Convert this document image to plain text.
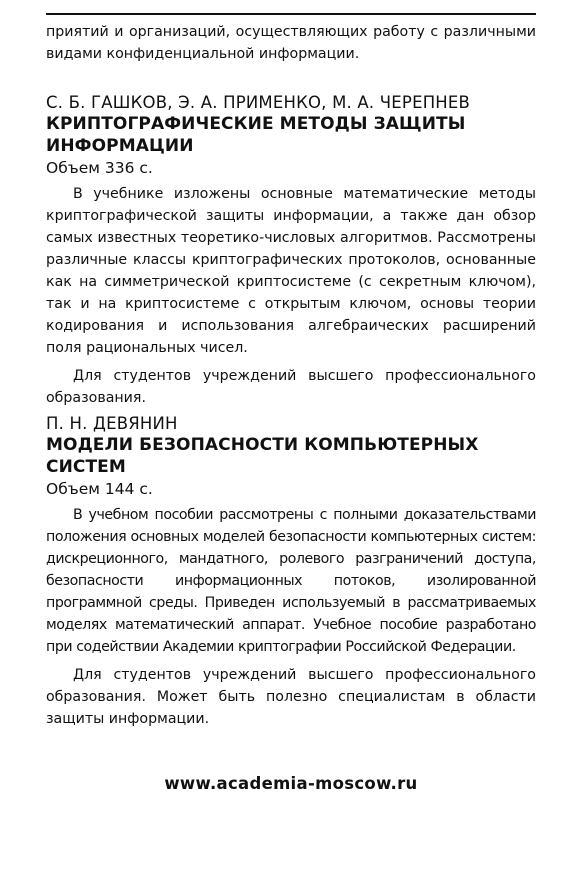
приятий и организаций, осуществляющих работу с различными видами конфиденциальной информации.
С. Б. ГАШКОВ, Э. А. ПРИМЕНКО, М. А. ЧЕРЕПНЕВ
КРИПТОГРАФИЧЕСКИЕ МЕТОДЫ ЗАЩИТЫ ИНФОРМАЦИИ
Объем 336 с.

В учебнике изложены основные математические методы криптографической защиты информации, а также дан обзор самых известных теоретико-числовых алгоритмов. Рассмотрены различные классы криптографических протоколов, основанные как на симметрической криптосистеме (с секретным ключом), так и на криптосистеме с открытым ключом, основы теории кодирования и использования алгебраических расширений поля рациональных чисел.

Для студентов учреждений высшего профессионального образования.

П. Н. ДЕВЯНИН
МОДЕЛИ БЕЗОПАСНОСТИ КОМПЬЮТЕРНЫХ СИСТЕМ
Объем 144 с.

В учебном пособии рассмотрены с полными доказательствами положения основных моделей безопасности компьютерных систем: дискреционного, мандатного, ролевого разграничений доступа, безопасности информационных потоков, изолированной программной среды. Приведен используемый в рассматриваемых моделях математический аппарат. Учебное пособие разработано при содействии Академии криптографии Российской Федерации.

Для студентов учреждений высшего профессионального образования. Может быть полезно специалистам в области защиты информации.

www.academia-moscow.ru
